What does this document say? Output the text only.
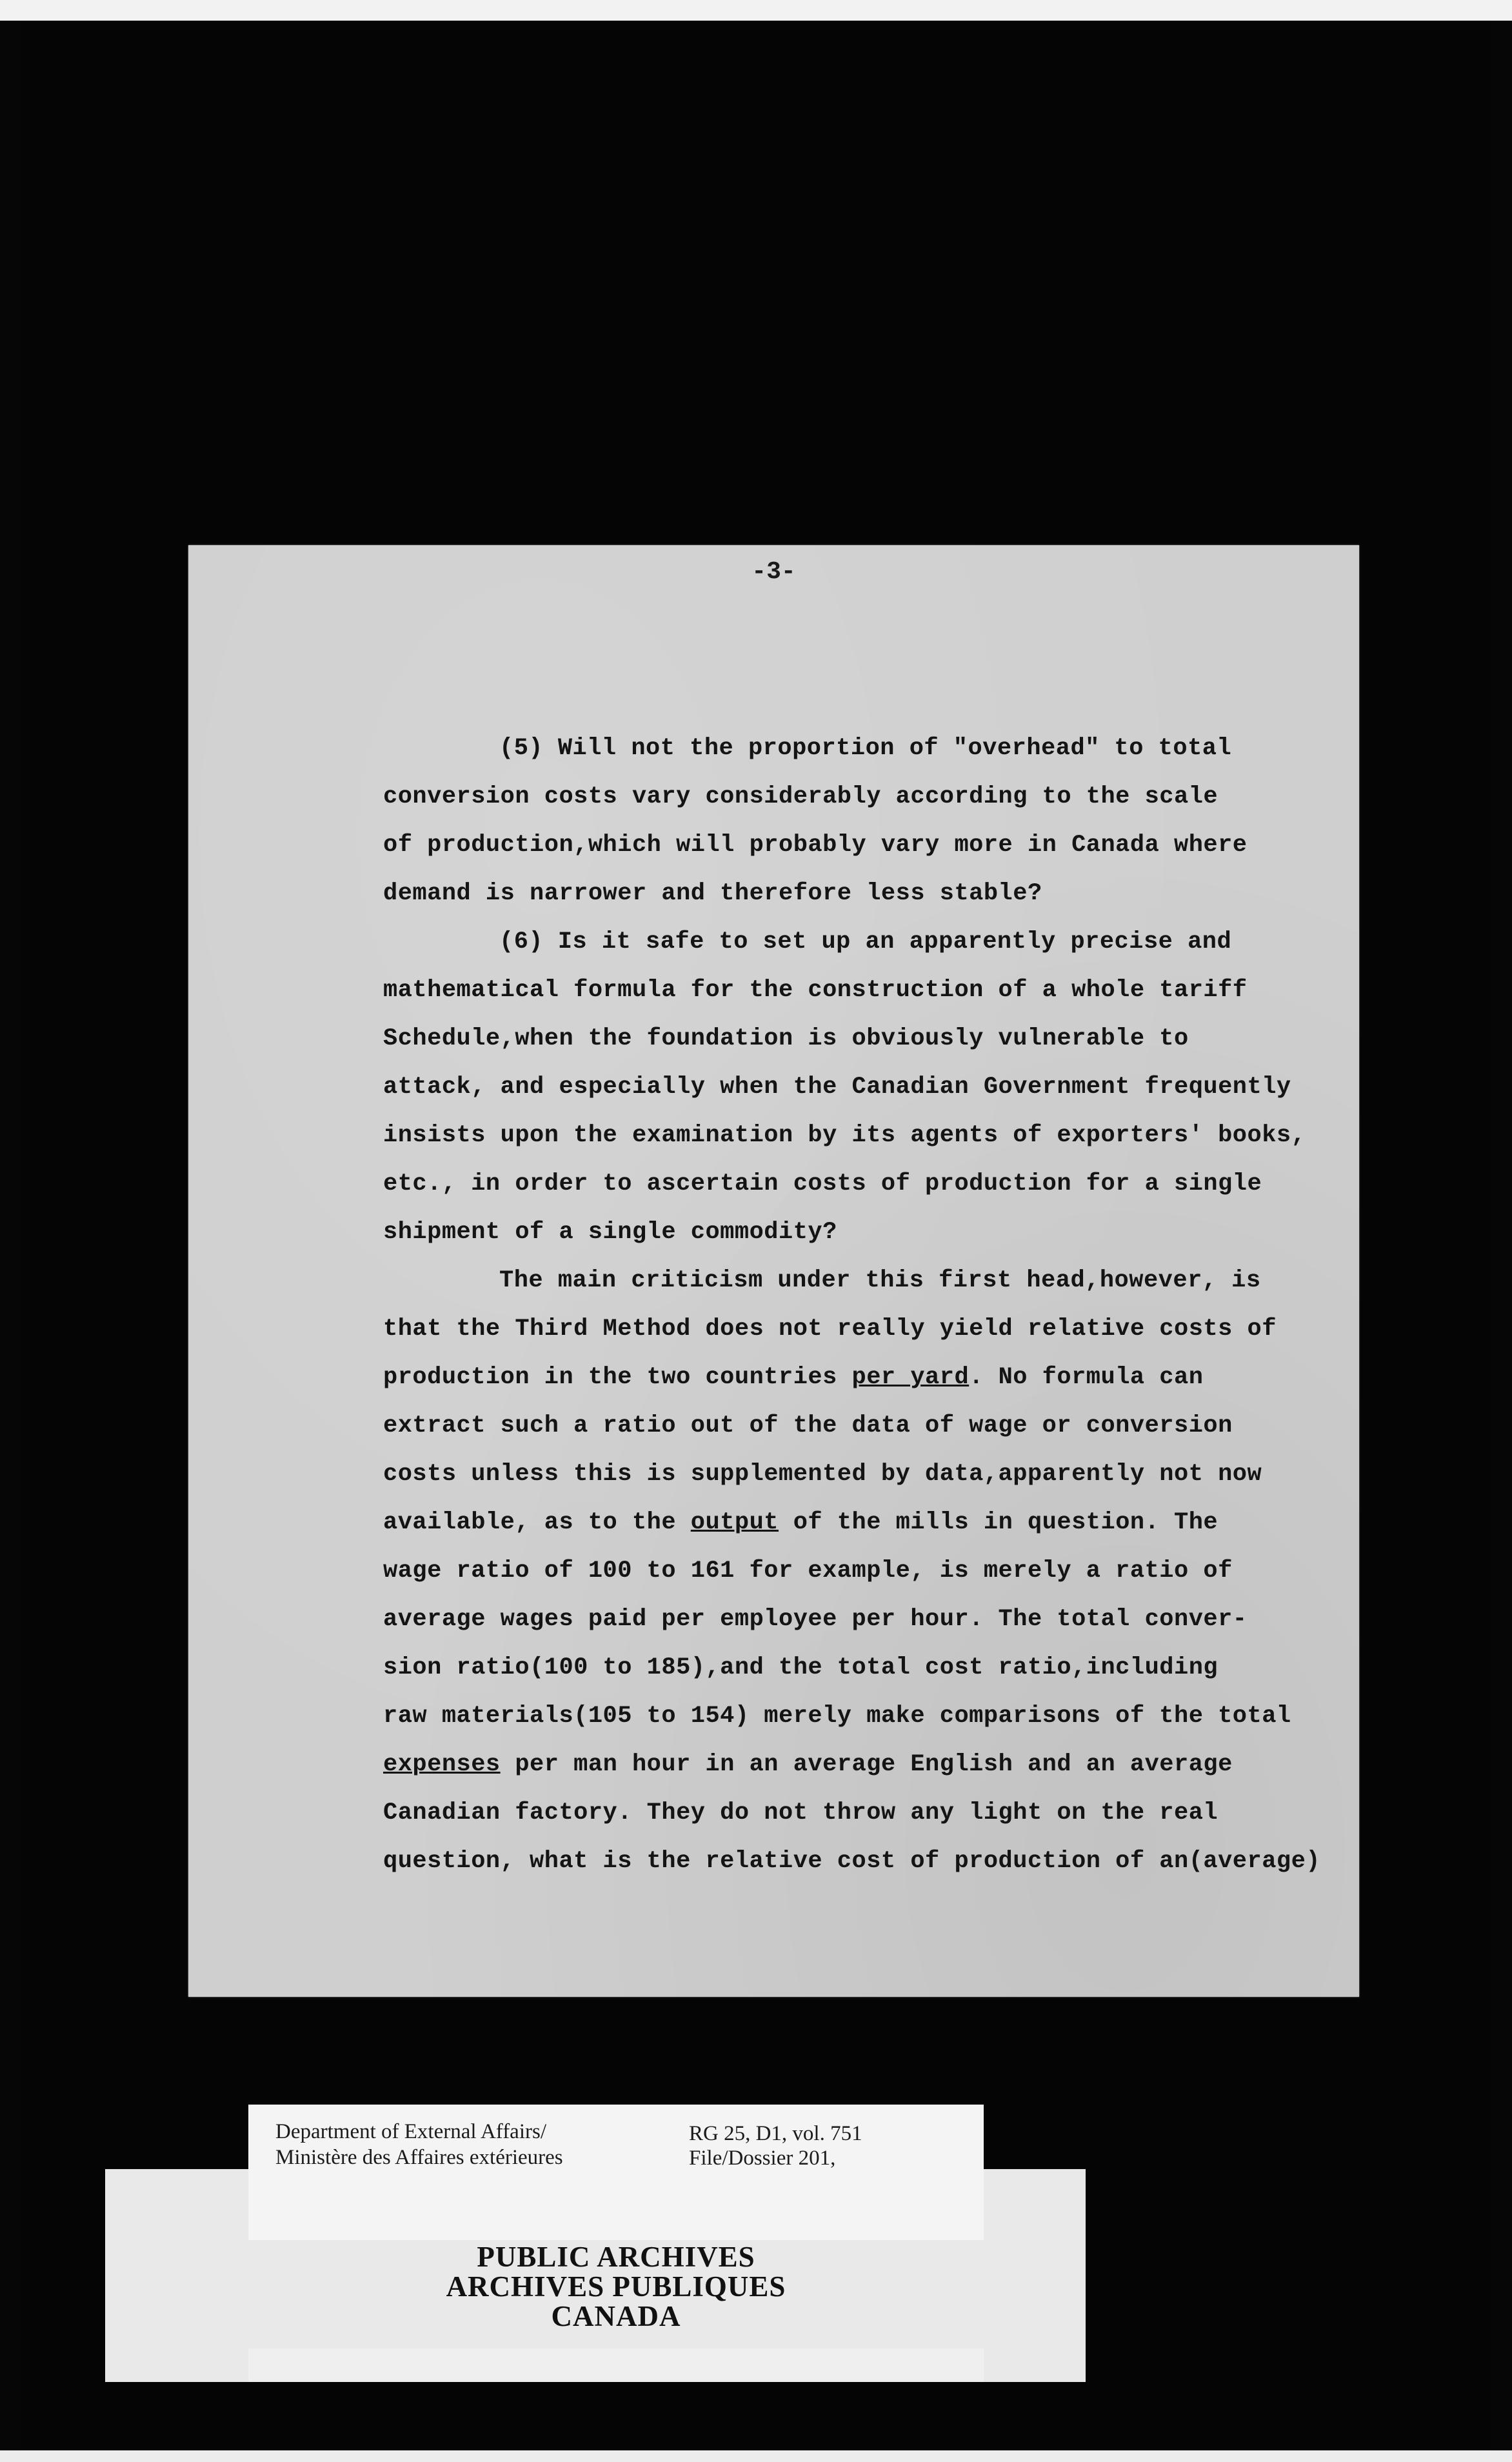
-3-
(5) Will not the proportion of "overhead" to total
conversion costs vary considerably according to the scale
of production,which will probably vary more in Canada where
demand is narrower and therefore less stable?
(6) Is it safe to set up an apparently precise and
mathematical formula for the construction of a whole tariff
Schedule,when the foundation is obviously vulnerable to
attack, and especially when the Canadian Government frequently
insists upon the examination by its agents of exporters' books,
etc., in order to ascertain costs of production for a single
shipment of a single commodity?
The main criticism under this first head,however, is
that the Third Method does not really yield relative costs of
production in the two countries per yard. No formula can
extract such a ratio out of the data of wage or conversion
costs unless this is supplemented by data,apparently not now
available, as to the output of the mills in question. The
wage ratio of 100 to 161 for example, is merely a ratio of
average wages paid per employee per hour. The total conver-
sion ratio(100 to 185),and the total cost ratio,including
raw materials(105 to 154) merely make comparisons of the total
expenses per man hour in an average English and an average
Canadian factory. They do not throw any light on the real
question, what is the relative cost of production of an(average)
Department of External Affairs/
Ministère des Affaires extérieures
RG 25, D1, vol. 751
File/Dossier 201,
PUBLIC ARCHIVES
ARCHIVES PUBLIQUES
CANADA
